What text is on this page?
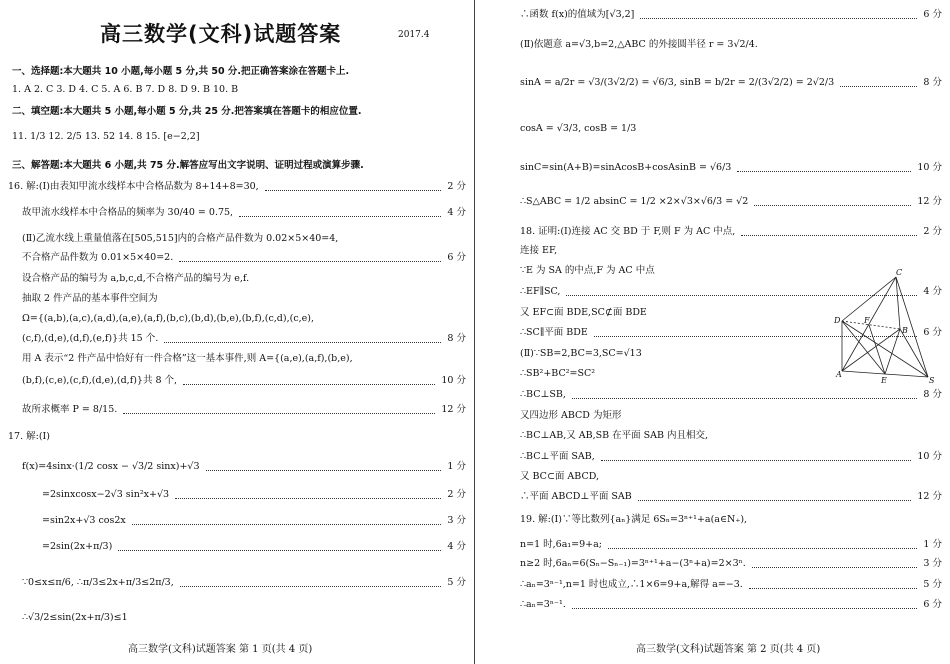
高三数学(文科)试题答案	2017.4
一、选择题:本大题共 10 小题,每小题 5 分,共 50 分.把正确答案涂在答题卡上.
1. A 2. C 3. D 4. C 5. A 6. B 7. D 8. D 9. B 10. B
二、填空题:本大题共 5 小题,每小题 5 分,共 25 分.把答案填在答题卡的相应位置.
11. 1/3 12. 2/5 13. 52 14. 8 15. [e−2,2]
三、解答题:本大题共 6 小题,共 75 分.解答应写出文字说明、证明过程或演算步骤.
16. 解:(Ⅰ)由表知甲流水线样本中合格品数为 8+14+8=30,	2 分
故甲流水线样本中合格品的频率为 30/40 = 0.75,	4 分
(Ⅱ)乙流水线上重量值落在[505,515]内的合格产品件数为 0.02×5×40=4,
不合格产品件数为 0.01×5×40=2.	6 分
设合格产品的编号为 a,b,c,d,不合格产品的编号为 e,f.
抽取 2 件产品的基本事件空间为
Ω={(a,b),(a,c),(a,d),(a,e),(a,f),(b,c),(b,d),(b,e),(b,f),(c,d),(c,e),
(c,f),(d,e),(d,f),(e,f)}共 15 个.	8 分
用 A 表示“2 件产品中恰好有一件合格”这一基本事件,则 A={(a,e),(a,f),(b,e),
(b,f),(c,e),(c,f),(d,e),(d,f)}共 8 个,	10 分
故所求概率 P = 8/15.	12 分
17. 解:(Ⅰ)
f(x)=4sinx·(1/2 cosx − √3/2 sinx)+√3	1 分
=2sinxcosx−2√3 sin²x+√3	2 分
=sin2x+√3 cos2x	3 分
=2sin(2x+π/3)	4 分
∵0≤x≤π/6, ∴π/3≤2x+π/3≤2π/3,	5 分
∴√3/2≤sin(2x+π/3)≤1
高三数学(文科)试题答案 第 1 页(共 4 页)
∴函数 f(x)的值域为[√3,2]	6 分
(Ⅱ)依题意 a=√3,b=2,△ABC 的外接圆半径 r = 3√2/4.
sinA = a/2r = √3/(3√2/2) = √6/3, sinB = b/2r = 2/(3√2/2) = 2√2/3	8 分
cosA = √3/3, cosB = 1/3
sinC=sin(A+B)=sinAcosB+cosAsinB = √6/3	10 分
∴S△ABC = 1/2 absinC = 1/2 ×2×√3×√6/3 = √2	12 分
18. 证明:(Ⅰ)连接 AC 交 BD 于 F,则 F 为 AC 中点,	2 分
连接 EF,
∵E 为 SA 的中点,F 为 AC 中点
∴EF∥SC,	4 分
又 EF⊂面 BDE,SC⊄面 BDE
∴SC∥平面 BDE	6 分
(Ⅱ)∵SB=2,BC=3,SC=√13
∴SB²+BC²=SC²
∴BC⊥SB,	8 分
又四边形 ABCD 为矩形
∴BC⊥AB,又 AB,SB 在平面 SAB 内且相交,
∴BC⊥平面 SAB,	10 分
又 BC⊂面 ABCD,
∴平面 ABCD⊥平面 SAB	12 分
19. 解:(Ⅰ)∵等比数列{aₙ}满足 6Sₙ=3ⁿ⁺¹+a(a∈N₊),
n=1 时,6a₁=9+a;	1 分
n≥2 时,6aₙ=6(Sₙ−Sₙ₋₁)=3ⁿ⁺¹+a−(3ⁿ+a)=2×3ⁿ.	3 分
∴aₙ=3ⁿ⁻¹,n=1 时也成立,∴1×6=9+a,解得 a=−3.	5 分
∴aₙ=3ⁿ⁻¹.	6 分
C
D	F
B
A
E	S
高三数学(文科)试题答案 第 2 页(共 4 页)
